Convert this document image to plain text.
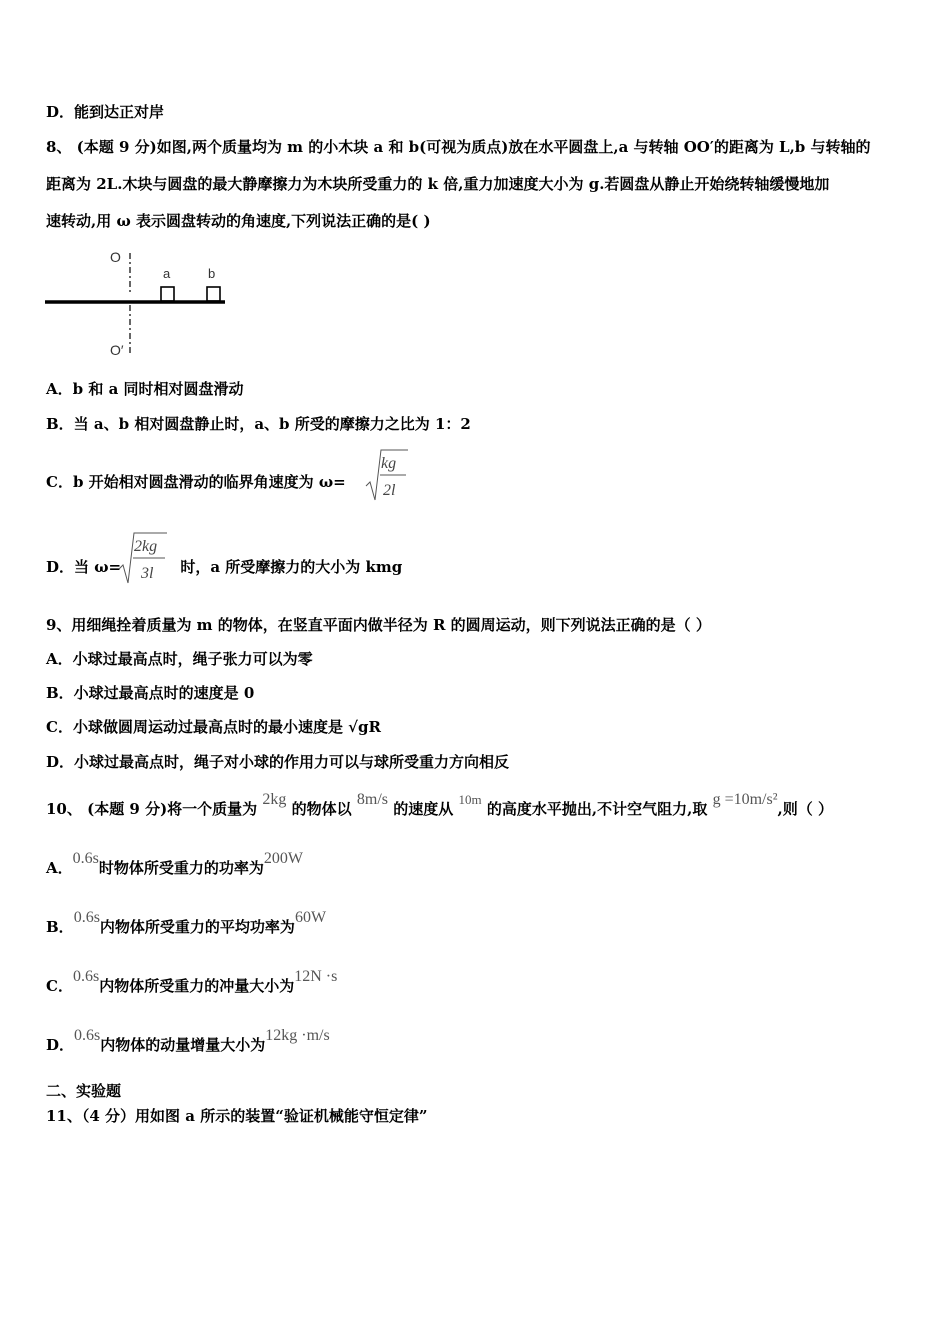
D．能到达正对岸
8、 (本题 9 分)如图,两个质量均为 m 的小木块 a 和 b(可视为质点)放在水平圆盘上,a 与转轴 OO′的距离为 L,b 与转轴的
距离为 2L.木块与圆盘的最大静摩擦力为木块所受重力的 k 倍,重力加速度大小为 g.若圆盘从静止开始绕转轴缓慢地加
速转动,用 ω 表示圆盘转动的角速度,下列说法正确的是( )
O
a	b
O′
A．b 和 a 同时相对圆盘滑动
B．当 a、b 相对圆盘静止时，a、b 所受的摩擦力之比为 1：2
C．b 开始相对圆盘滑动的临界角速度为 ω=
kg
2l
D．当 ω=	时，a 所受摩擦力的大小为 kmg
2kg
3l
9、用细绳拴着质量为 m 的物体，在竖直平面内做半径为 R 的圆周运动，则下列说法正确的是（ ）
A．小球过最高点时，绳子张力可以为零
B．小球过最高点时的速度是 0
C．小球做圆周运动过最高点时的最小速度是 √gR
D．小球过最高点时，绳子对小球的作用力可以与球所受重力方向相反
10、 (本题 9 分)将一个质量为 2kg 的物体以 8m/s 的速度从 10m 的高度水平抛出,不计空气阻力,取 g =10m/s²,则（ ）
A．0.6s时物体所受重力的功率为200W
B．0.6s内物体所受重力的平均功率为60W
C．0.6s内物体所受重力的冲量大小为12N ·s
D．0.6s内物体的动量增量大小为12kg ·m/s
二、实验题
11、（4 分）用如图 a 所示的装置“验证机械能守恒定律”
